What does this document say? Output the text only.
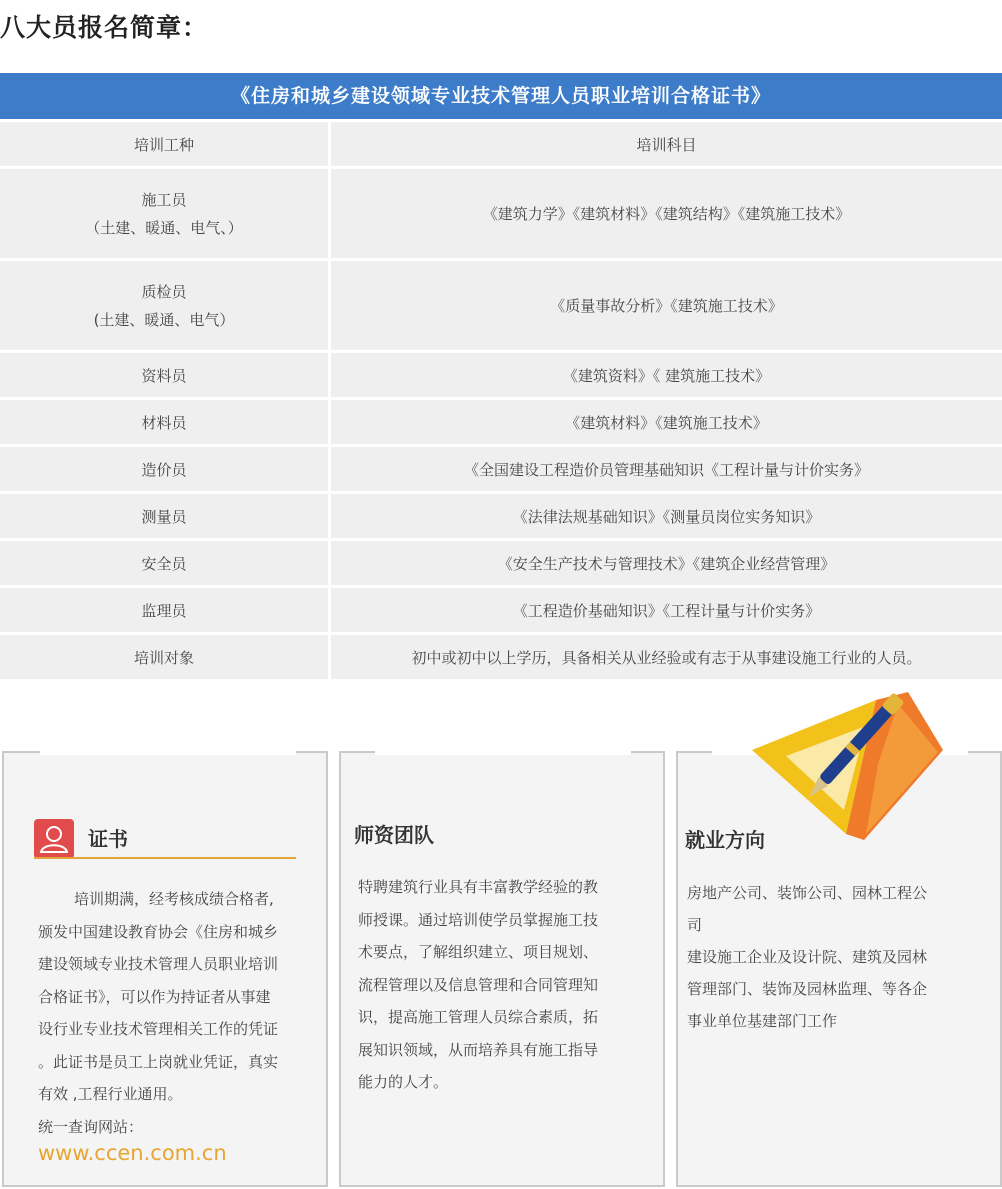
八大员报名简章：
《住房和城乡建设领域专业技术管理人员职业培训合格证书》
培训工种	培训科目

施工员
（土建、暖通、电气、）	《建筑力学》《建筑材料》《建筑结构》《建筑施工技术》

质检员
(土建、暖通、电气）	《质量事故分析》《建筑施工技术》
资料员	《建筑资料》《 建筑施工技术》
材料员	《建筑材料》《建筑施工技术》
造价员	《全国建设工程造价员管理基础知识《工程计量与计价实务》
测量员	《法律法规基础知识》《测量员岗位实务知识》
安全员	《安全生产技术与管理技术》《建筑企业经营管理》
监理员	《工程造价基础知识》《工程计量与计价实务》
培训对象	初中或初中以上学历，具备相关从业经验或有志于从事建设施工行业的人员。
证书

培训期满，经考核成绩合格者,

颁发中国建设教育协会《住房和城乡

建设领域专业技术管理人员职业培训

合格证书》，可以作为持证者从事建

设行业专业技术管理相关工作的凭证

。此证书是员工上岗就业凭证，真实

有效 ,工程行业通用。

统一查询网站：

www.ccen.com.cn
师资团队
特聘建筑行业具有丰富教学经验的教
师授课。通过培训使学员掌握施工技
术要点，了解组织建立、项目规划、
流程管理以及信息管理和合同管理知
识，提高施工管理人员综合素质，拓
展知识领域，从而培养具有施工指导
能力的人才。
就业方向

房地产公司、装饰公司、园林工程公

司

建设施工企业及设计院、建筑及园林

管理部门、装饰及园林监理、等各企

事业单位基建部门工作
